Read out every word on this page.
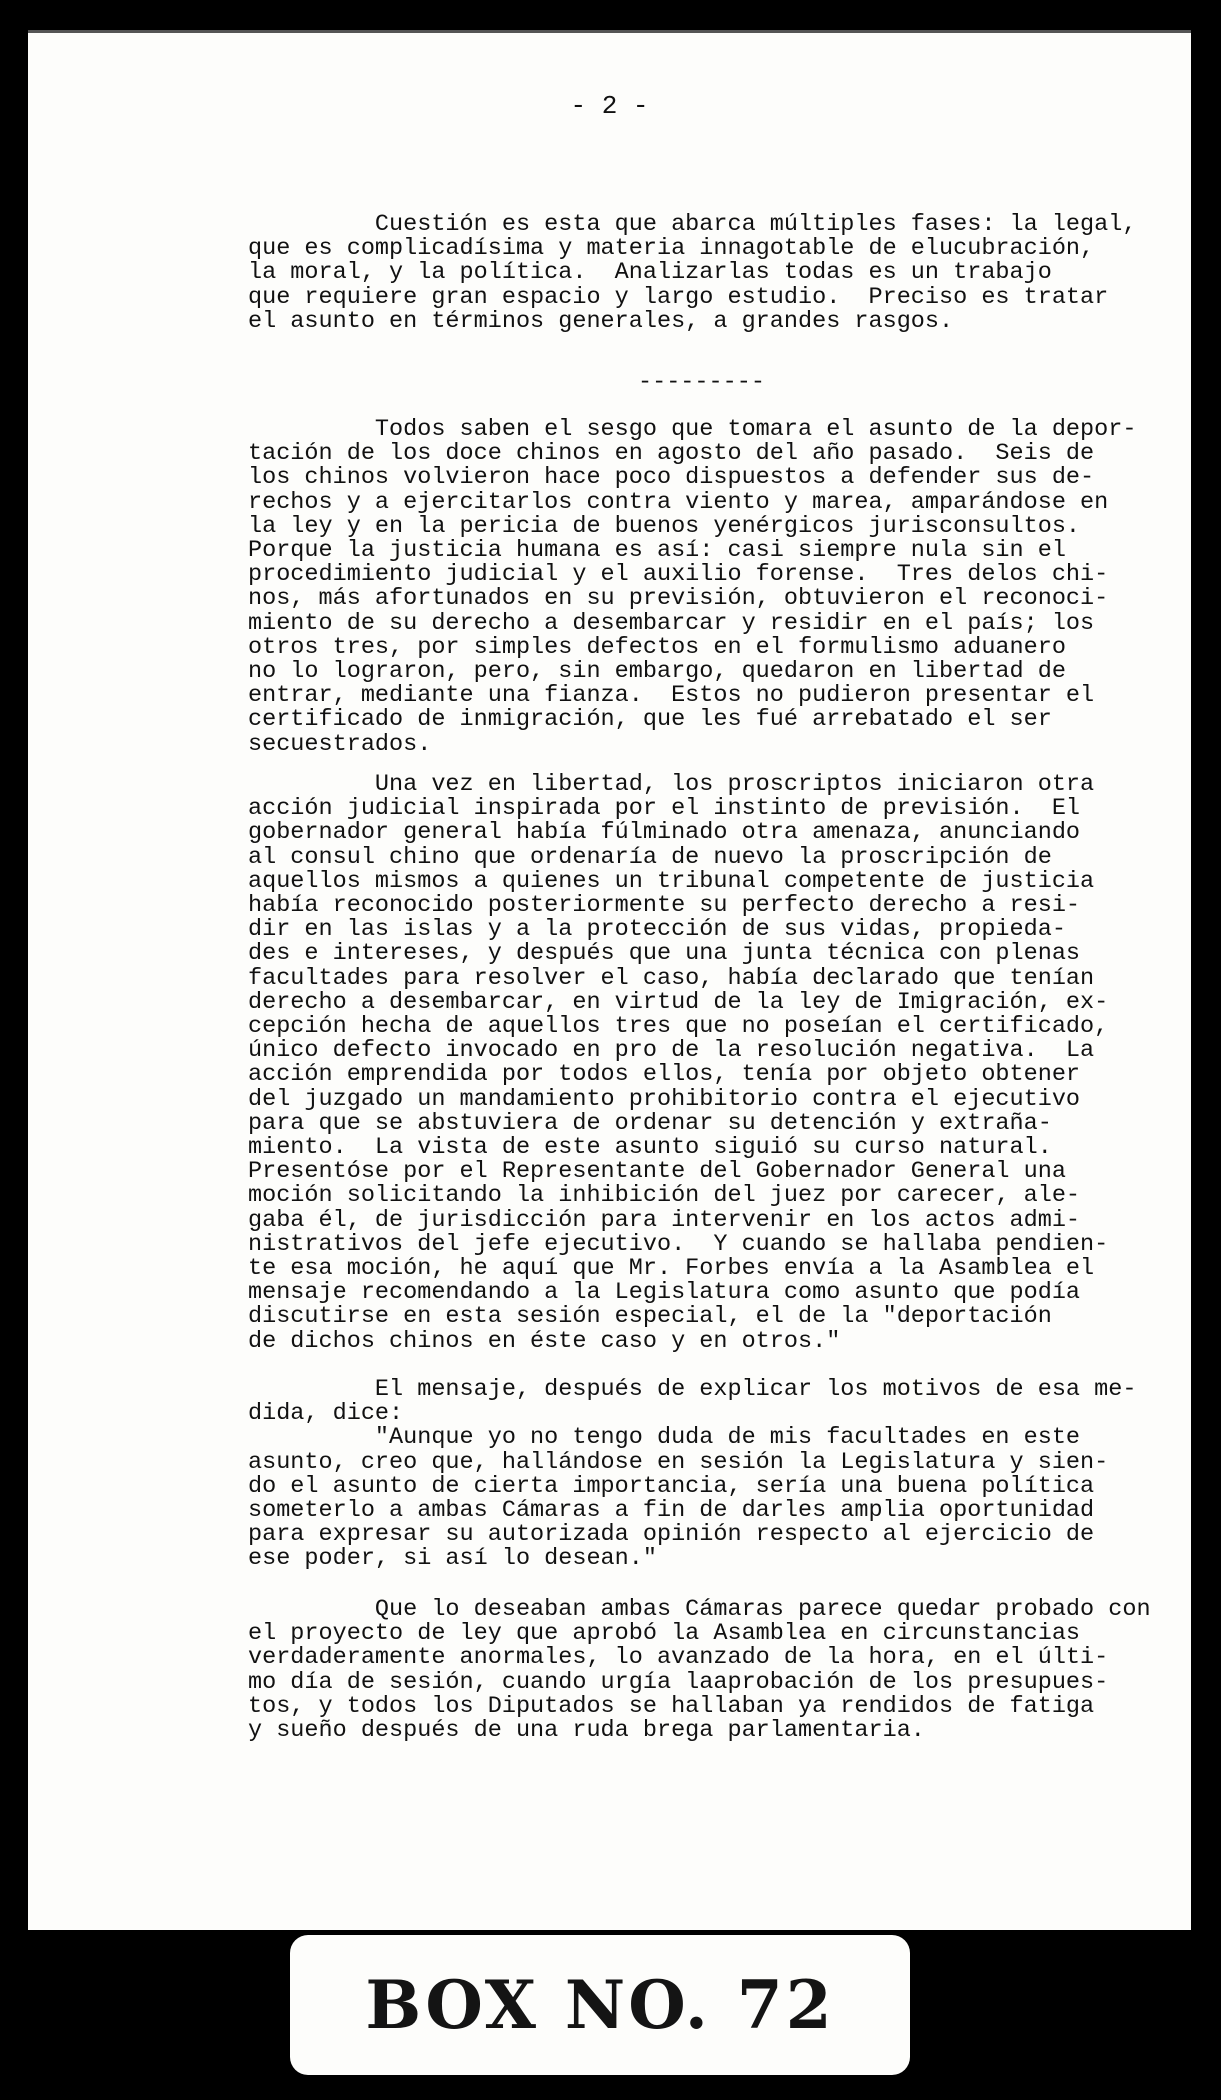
- 2 -
Cuestión es esta que abarca múltiples fases: la legal,
que es complicadísima y materia innagotable de elucubración,
la moral, y la política.  Analizarlas todas es un trabajo
que requiere gran espacio y largo estudio.  Preciso es tratar
el asunto en términos generales, a grandes rasgos.
---------
Todos saben el sesgo que tomara el asunto de la depor-
tación de los doce chinos en agosto del año pasado.  Seis de
los chinos volvieron hace poco dispuestos a defender sus de-
rechos y a ejercitarlos contra viento y marea, amparándose en
la ley y en la pericia de buenos yenérgicos jurisconsultos.
Porque la justicia humana es así: casi siempre nula sin el
procedimiento judicial y el auxilio forense.  Tres delos chi-
nos, más afortunados en su previsión, obtuvieron el reconoci-
miento de su derecho a desembarcar y residir en el país; los
otros tres, por simples defectos en el formulismo aduanero
no lo lograron, pero, sin embargo, quedaron en libertad de
entrar, mediante una fianza.  Estos no pudieron presentar el
certificado de inmigración, que les fué arrebatado el ser
secuestrados.
Una vez en libertad, los proscriptos iniciaron otra
acción judicial inspirada por el instinto de previsión.  El
gobernador general había fúlminado otra amenaza, anunciando
al consul chino que ordenaría de nuevo la proscripción de
aquellos mismos a quienes un tribunal competente de justicia
había reconocido posteriormente su perfecto derecho a resi-
dir en las islas y a la protección de sus vidas, propieda-
des e intereses, y después que una junta técnica con plenas
facultades para resolver el caso, había declarado que tenían
derecho a desembarcar, en virtud de la ley de Imigración, ex-
cepción hecha de aquellos tres que no poseían el certificado,
único defecto invocado en pro de la resolución negativa.  La
acción emprendida por todos ellos, tenía por objeto obtener
del juzgado un mandamiento prohibitorio contra el ejecutivo
para que se abstuviera de ordenar su detención y extraña-
miento.  La vista de este asunto siguió su curso natural.
Presentóse por el Representante del Gobernador General una
moción solicitando la inhibición del juez por carecer, ale-
gaba él, de jurisdicción para intervenir en los actos admi-
nistrativos del jefe ejecutivo.  Y cuando se hallaba pendien-
te esa moción, he aquí que Mr. Forbes envía a la Asamblea el
mensaje recomendando a la Legislatura como asunto que podía
discutirse en esta sesión especial, el de la "deportación
de dichos chinos en éste caso y en otros."
El mensaje, después de explicar los motivos de esa me-
dida, dice:
"Aunque yo no tengo duda de mis facultades en este
asunto, creo que, hallándose en sesión la Legislatura y sien-
do el asunto de cierta importancia, sería una buena política
someterlo a ambas Cámaras a fin de darles amplia oportunidad
para expresar su autorizada opinión respecto al ejercicio de
ese poder, si así lo desean."
Que lo deseaban ambas Cámaras parece quedar probado con
el proyecto de ley que aprobó la Asamblea en circunstancias
verdaderamente anormales, lo avanzado de la hora, en el últi-
mo día de sesión, cuando urgía laaprobación de los presupues-
tos, y todos los Diputados se hallaban ya rendidos de fatiga
y sueño después de una ruda brega parlamentaria.
BOX NO. 72
